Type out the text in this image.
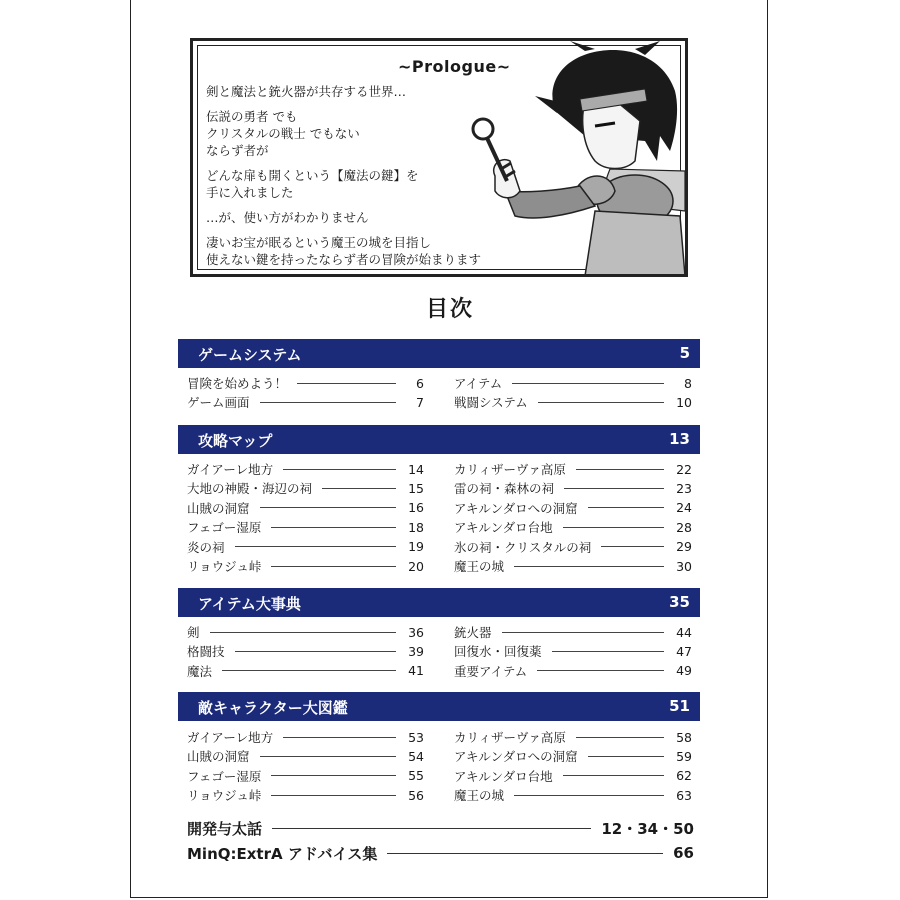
~Prologue~

剣と魔法と銃火器が共存する世界…

伝説の勇者 でも
クリスタルの戦士 でもない
ならず者が

どんな扉も開くという【魔法の鍵】を
手に入れました

…が、使い方がわかりません

凄いお宝が眠るという魔王の城を目指し
使えない鍵を持ったならず者の冒険が始まります

目次
ゲームシステム	5
冒険を始めよう！	6
ゲーム画面	7
アイテム	8
戦闘システム	10
攻略マップ	13
ガイアーレ地方	14
大地の神殿・海辺の祠	15
山賊の洞窟	16
フェゴー湿原	18
炎の祠	19
リョウジュ峠	20
カリィザーヴァ高原	22
雷の祠・森林の祠	23
アキルンダロへの洞窟	24
アキルンダロ台地	28
氷の祠・クリスタルの祠	29
魔王の城	30
アイテム大事典	35
剣	36
格闘技	39
魔法	41
銃火器	44
回復水・回復薬	47
重要アイテム	49
敵キャラクター大図鑑	51
ガイアーレ地方	53
山賊の洞窟	54
フェゴー湿原	55
リョウジュ峠	56
カリィザーヴァ高原	58
アキルンダロへの洞窟	59
アキルンダロ台地	62
魔王の城	63
開発与太話	12・34・50
MinQ:ExtrA アドバイス集	66
